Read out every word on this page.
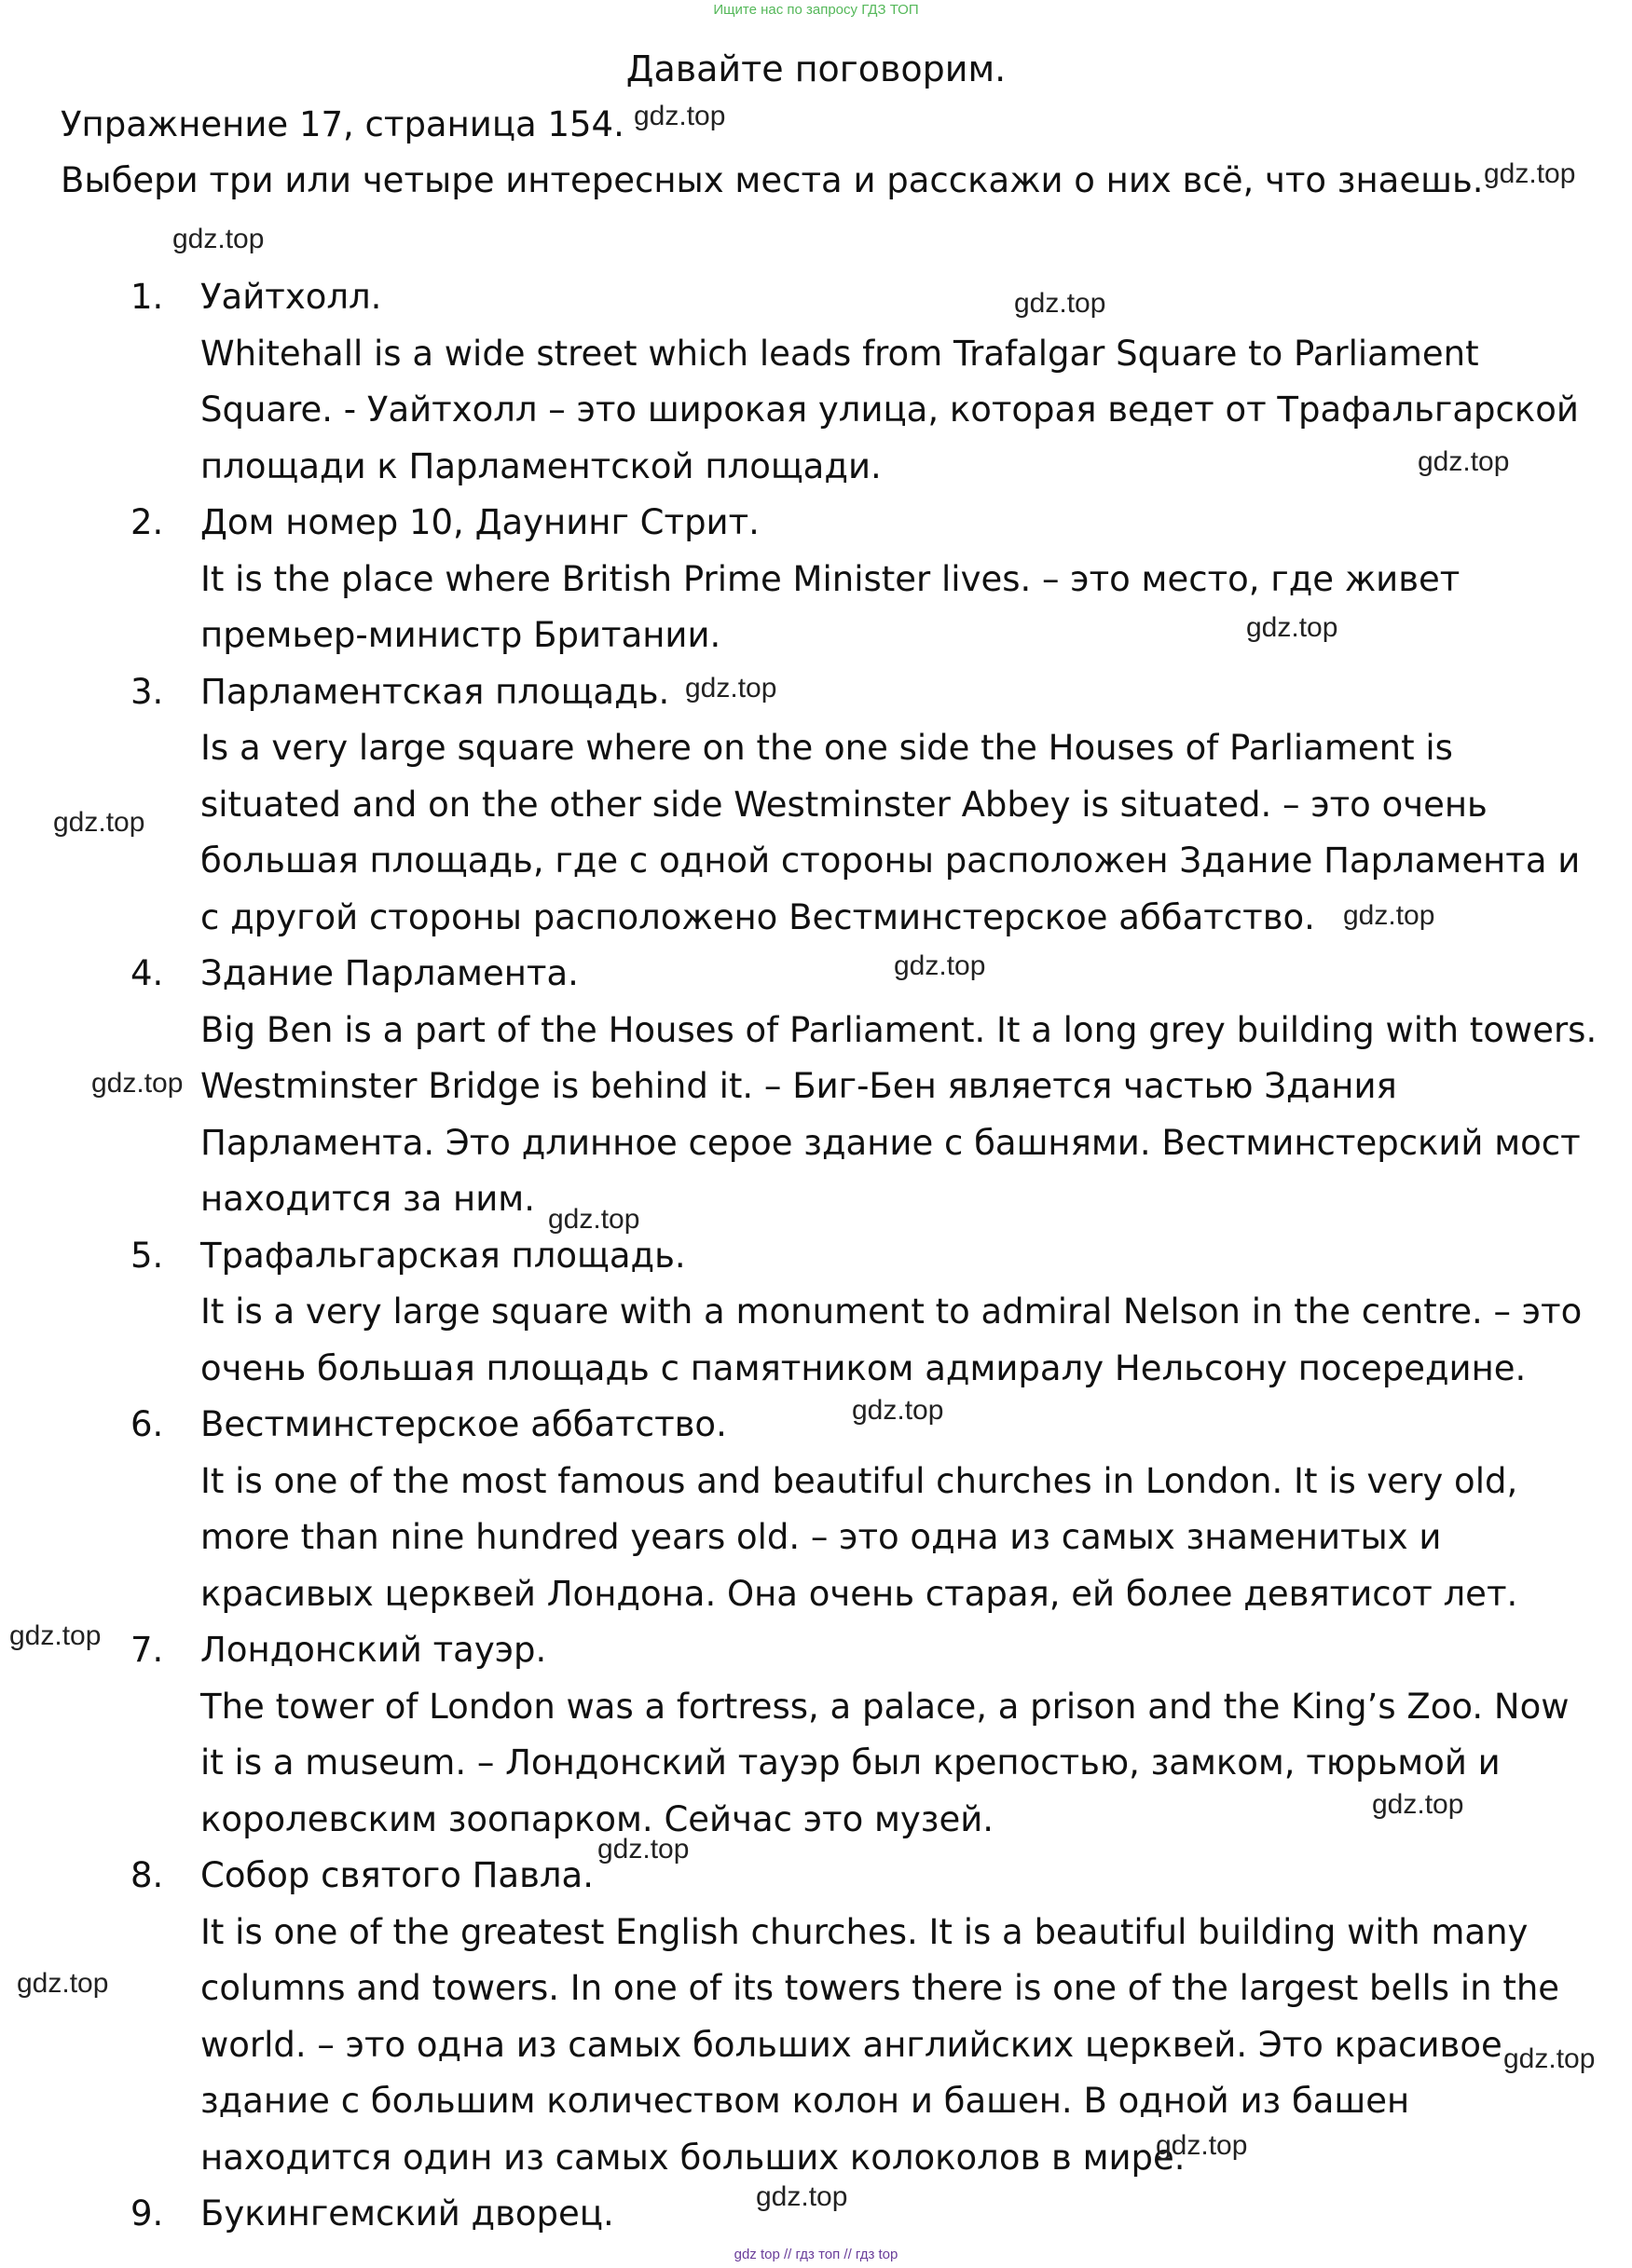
Ищите нас по запросу ГДЗ ТОП
Давайте поговорим.
Упражнение 17, страница 154.
Выбери три или четыре интересных места и расскажи о них всё, что знаешь.
1. Уайтхолл.
Whitehall is a wide street which leads from Trafalgar Square to Parliament Square. - Уайтхолл – это широкая улица, которая ведет от Трафальгарской площади к Парламентской площади.
2. Дом номер 10, Даунинг Стрит.
It is the place where British Prime Minister lives. – это место, где живет премьер-министр Британии.
3. Парламентская площадь.
Is a very large square where on the one side the Houses of Parliament is situated and on the other side Westminster Abbey is situated. – это очень большая площадь, где с одной стороны расположен Здание Парламента и с другой стороны расположено Вестминстерское аббатство.
4. Здание Парламента.
Big Ben is a part of the Houses of Parliament. It a long grey building with towers. Westminster Bridge is behind it. – Биг-Бен является частью Здания Парламента. Это длинное серое здание с башнями. Вестминстерский мост находится за ним.
5. Трафальгарская площадь.
It is a very large square with a monument to admiral Nelson in the centre. – это очень большая площадь с памятником адмиралу Нельсону посередине.
6. Вестминстерское аббатство.
It is one of the most famous and beautiful churches in London. It is very old, more than nine hundred years old. – это одна из самых знаменитых и красивых церквей Лондона. Она очень старая, ей более девятисот лет.
7. Лондонский тауэр.
The tower of London was a fortress, a palace, a prison and the King’s Zoo. Now it is a museum. – Лондонский тауэр был крепостью, замком, тюрьмой и королевским зоопарком. Сейчас это музей.
8. Собор святого Павла.
It is one of the greatest English churches. It is a beautiful building with many columns and towers. In one of its towers there is one of the largest bells in the world. – это одна из самых больших английских церквей. Это красивое здание с большим количеством колон и башен. В одной из башен находится один из самых больших колоколов в мире.
9. Букингемский дворец.
gdz.top
gdz.top
gdz.top
gdz.top
gdz.top
gdz.top
gdz.top
gdz.top
gdz.top
gdz.top
gdz.top
gdz.top
gdz.top
gdz.top
gdz.top
gdz.top
gdz.top
gdz.top
gdz.top
gdz.top
gdz top // гдз топ // гдз top
